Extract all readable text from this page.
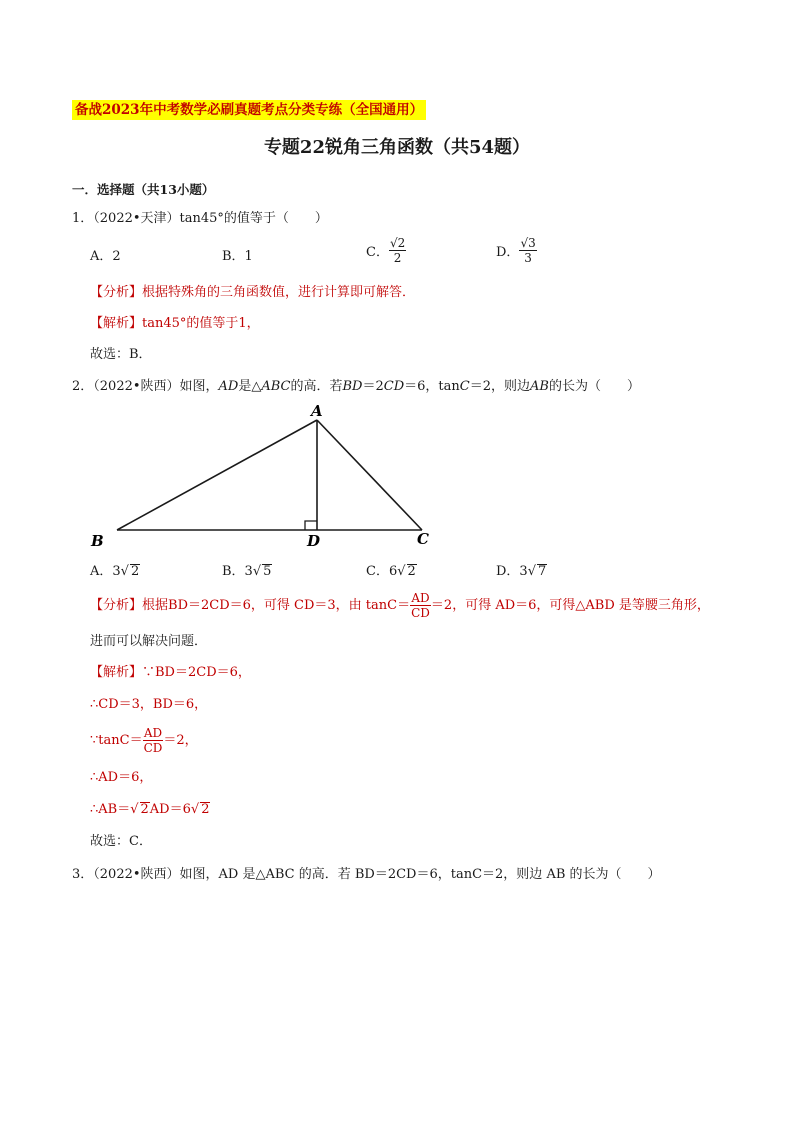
备战2023年中考数学必刷真题考点分类专练（全国通用）
专题22锐角三角函数（共54题）
一．选择题（共13小题）
1．（2022•天津）tan45°的值等于（　　）
A．2	B．1	C． $\frac{√2}{2}$	D． $\frac{√3}{3}$
【分析】根据特殊角的三角函数值，进行计算即可解答．
【解析】tan45°的值等于1，
故选：B．
2．（2022•陕西）如图，AD是△ABC的高．若BD＝2CD＝6，tanC＝2，则边AB的长为（　　）
A
B	D	C
A．3√ 2	B．3√ 5	C．6√ 2	D．3√ 7
【分析】根据BD＝2CD＝6，可得 CD＝3，由 $\tan C= \frac{AD}{CD} =2$，可得 AD＝6，可得△ABD 是等腰三角形，
进而可以解决问题．
【解析】∵BD＝2CD＝6，
∴CD＝3，BD＝6，
∵tanC＝ $\frac{AD}{CD} =2$，
∴AD＝6，
∴AB＝√ 2AD＝6√ 2
故选：C．
3．（2022•陕西）如图，AD 是△ABC 的高．若 BD＝2CD＝6，tanC＝2，则边 AB 的长为（　　）
